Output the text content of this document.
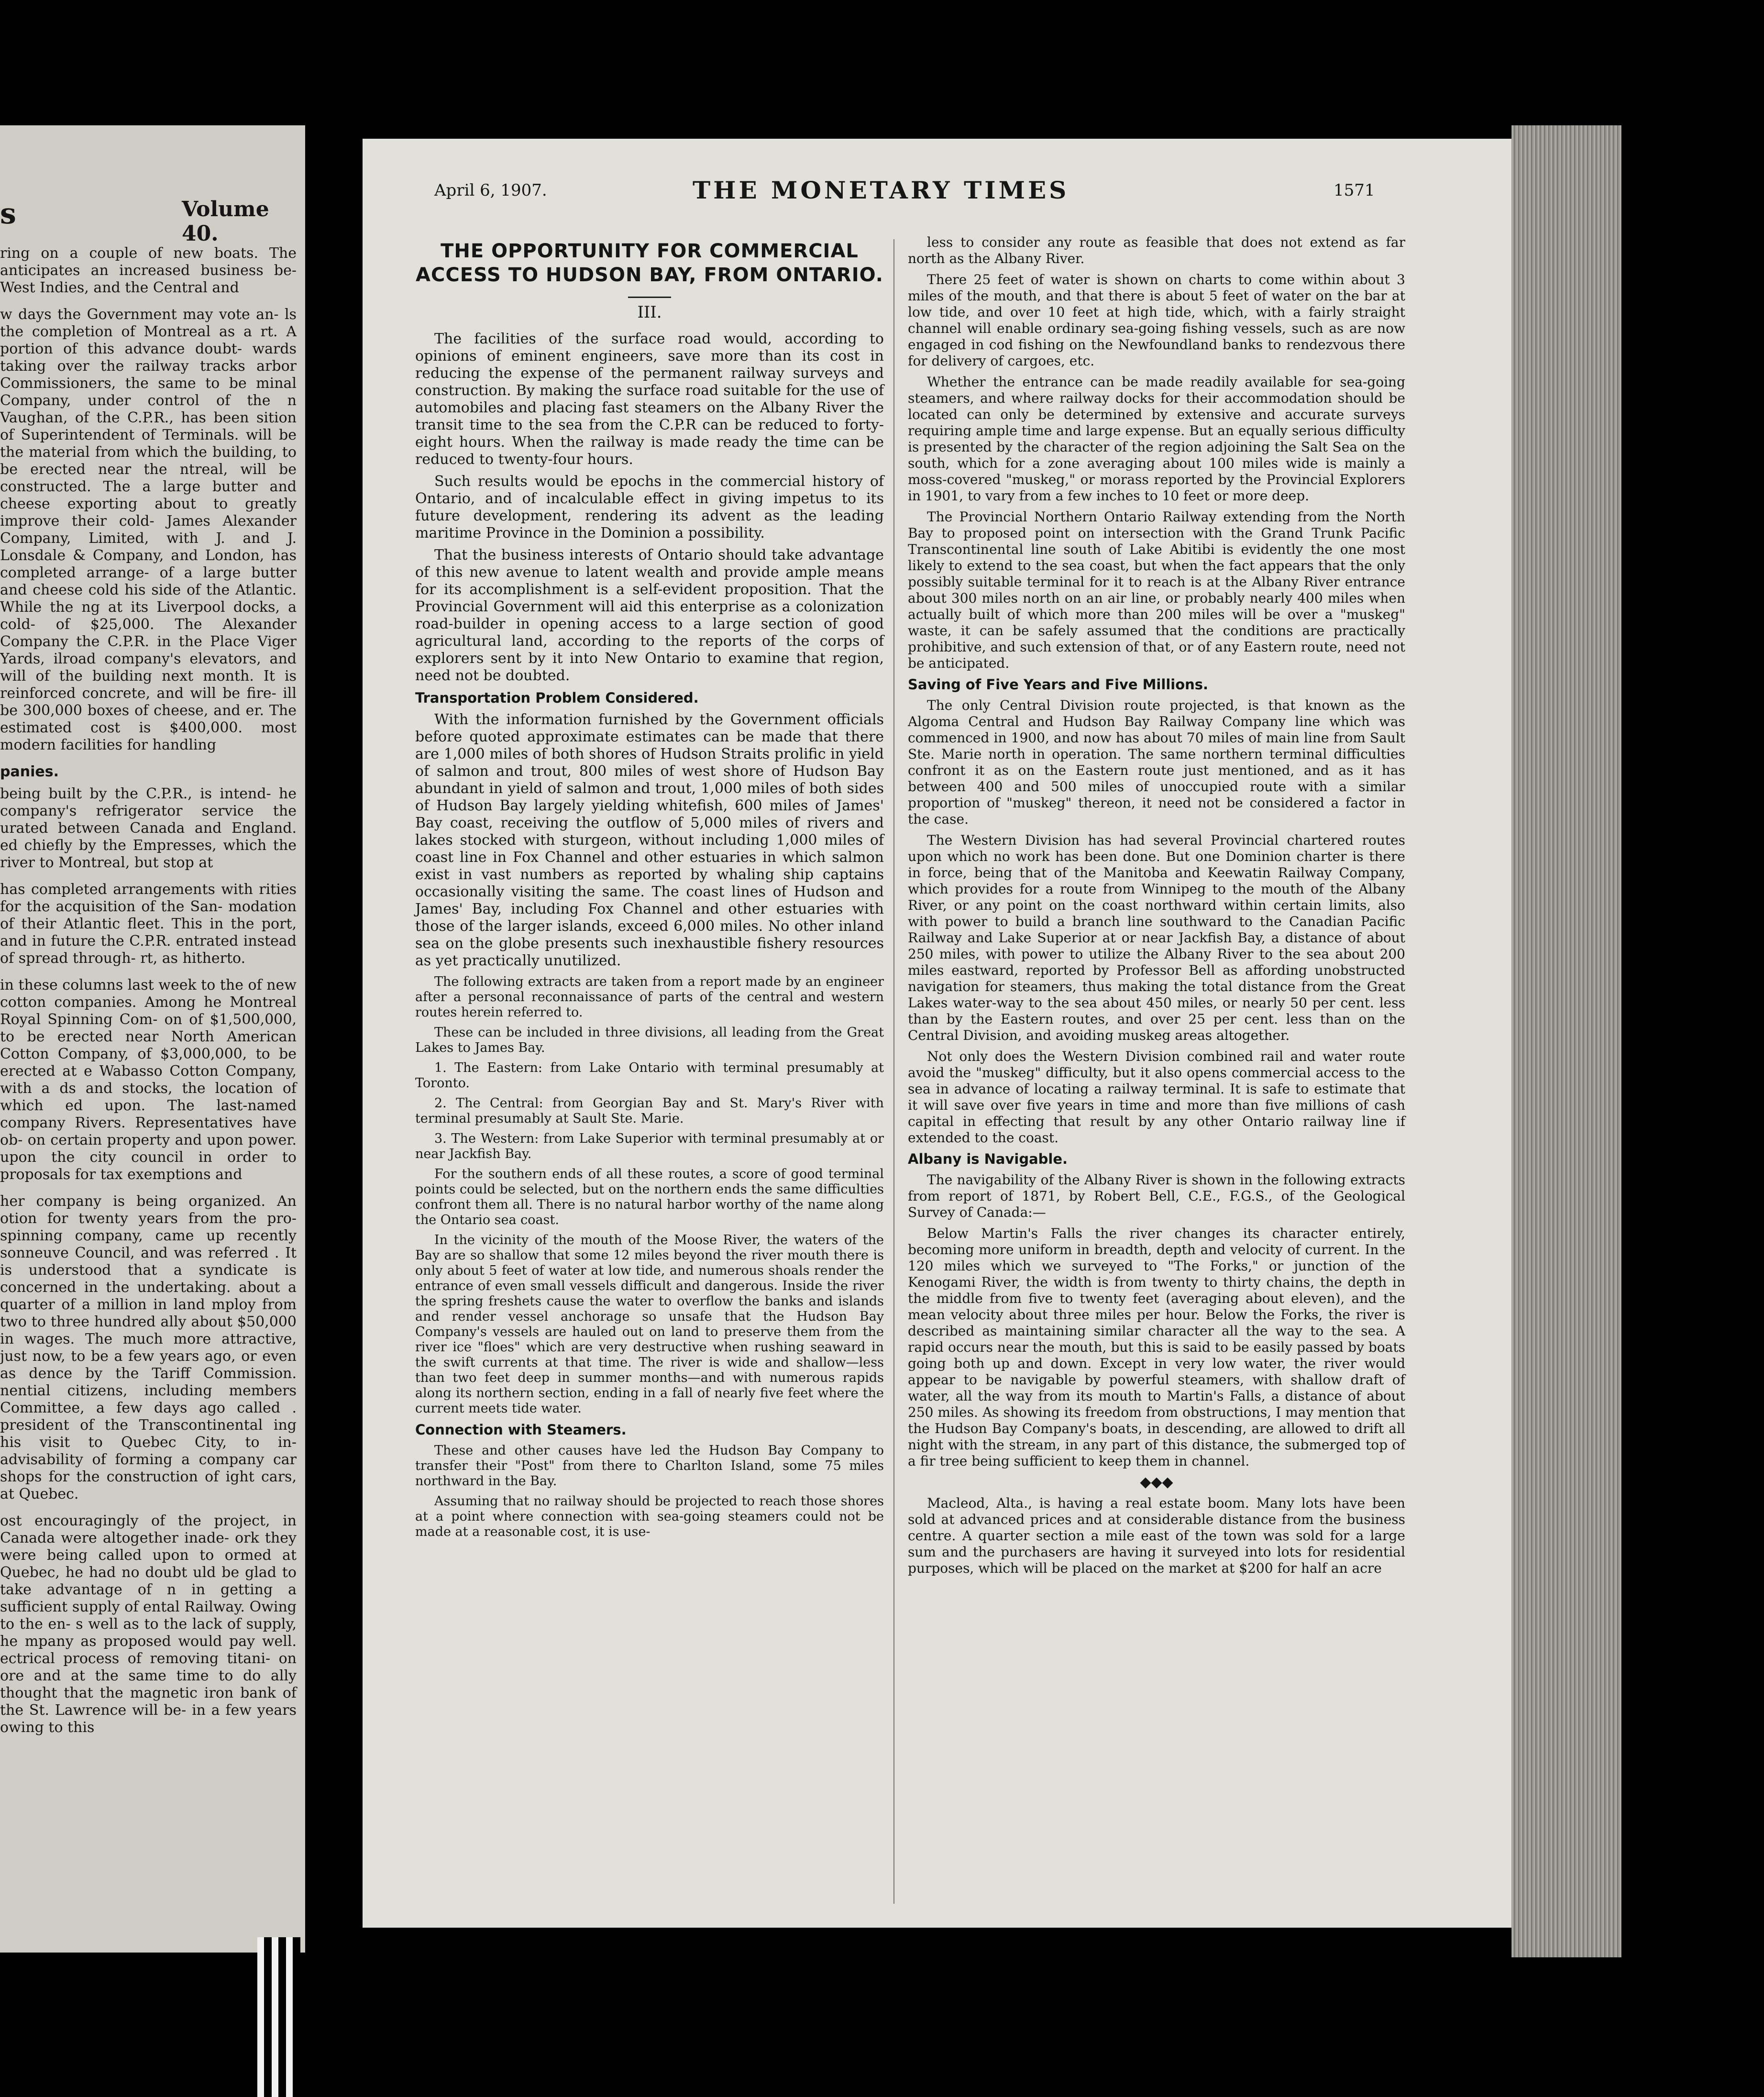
s	Volume 40.

ring on a couple of new boats. The anticipates an increased business be- West Indies, and the Central and

w days the Government may vote an- ls the completion of Montreal as a rt. A portion of this advance doubt- wards taking over the railway tracks arbor Commissioners, the same to be minal Company, under control of the n Vaughan, of the C.P.R., has been sition of Superintendent of Terminals. will be the material from which the building, to be erected near the ntreal, will be constructed. The a large butter and cheese exporting about to greatly improve their cold- James Alexander Company, Limited, with J. and J. Lonsdale & Company, and London, has completed arrange- of a large butter and cheese cold his side of the Atlantic. While the ng at its Liverpool docks, a cold- of $25,000. The Alexander Company the C.P.R. in the Place Viger Yards, ilroad company's elevators, and will of the building next month. It is reinforced concrete, and will be fire- ill be 300,000 boxes of cheese, and er. The estimated cost is $400,000. most modern facilities for handling

panies.

being built by the C.P.R., is intend- he company's refrigerator service the urated between Canada and England. ed chiefly by the Empresses, which the river to Montreal, but stop at

has completed arrangements with rities for the acquisition of the San- modation of their Atlantic fleet. This in the port, and in future the C.P.R. entrated instead of spread through- rt, as hitherto.

in these columns last week to the of new cotton companies. Among he Montreal Royal Spinning Com- on of $1,500,000, to be erected near North American Cotton Company, of $3,000,000, to be erected at e Wabasso Cotton Company, with a ds and stocks, the location of which ed upon. The last-named company Rivers. Representatives have ob- on certain property and upon power. upon the city council in order to proposals for tax exemptions and

her company is being organized. An otion for twenty years from the pro- spinning company, came up recently sonneuve Council, and was referred . It is understood that a syndicate is concerned in the undertaking. about a quarter of a million in land mploy from two to three hundred ally about $50,000 in wages. The much more attractive, just now, to be a few years ago, or even as dence by the Tariff Commission. nential citizens, including members Committee, a few days ago called . president of the Transcontinental ing his visit to Quebec City, to in- advisability of forming a company car shops for the construction of ight cars, at Quebec.

ost encouragingly of the project, in Canada were altogether inade- ork they were being called upon to ormed at Quebec, he had no doubt uld be glad to take advantage of n in getting a sufficient supply of ental Railway. Owing to the en- s well as to the lack of supply, he mpany as proposed would pay well. ectrical process of removing titani- on ore and at the same time to do ally thought that the magnetic iron bank of the St. Lawrence will be- in a few years owing to this

April 6, 1907.	THE MONETARY TIMES	1571
THE OPPORTUNITY FOR COMMERCIAL ACCESS TO HUDSON BAY, FROM ONTARIO.
III.

The facilities of the surface road would, according to opinions of eminent engineers, save more than its cost in reducing the expense of the permanent railway surveys and construction. By making the surface road suitable for the use of automobiles and placing fast steamers on the Albany River the transit time to the sea from the C.P.R can be reduced to forty-eight hours. When the railway is made ready the time can be reduced to twenty-four hours.

Such results would be epochs in the commercial history of Ontario, and of incalculable effect in giving impetus to its future development, rendering its advent as the leading maritime Province in the Dominion a possibility.

That the business interests of Ontario should take advantage of this new avenue to latent wealth and provide ample means for its accomplishment is a self-evident proposition. That the Provincial Government will aid this enterprise as a colonization road-builder in opening access to a large section of good agricultural land, according to the reports of the corps of explorers sent by it into New Ontario to examine that region, need not be doubted.

Transportation Problem Considered.

With the information furnished by the Government officials before quoted approximate estimates can be made that there are 1,000 miles of both shores of Hudson Straits prolific in yield of salmon and trout, 800 miles of west shore of Hudson Bay abundant in yield of salmon and trout, 1,000 miles of both sides of Hudson Bay largely yielding whitefish, 600 miles of James' Bay coast, receiving the outflow of 5,000 miles of rivers and lakes stocked with sturgeon, without including 1,000 miles of coast line in Fox Channel and other estuaries in which salmon exist in vast numbers as reported by whaling ship captains occasionally visiting the same. The coast lines of Hudson and James' Bay, including Fox Channel and other estuaries with those of the larger islands, exceed 6,000 miles. No other inland sea on the globe presents such inexhaustible fishery resources as yet practically unutilized.

The following extracts are taken from a report made by an engineer after a personal reconnaissance of parts of the central and western routes herein referred to.

These can be included in three divisions, all leading from the Great Lakes to James Bay.

1. The Eastern: from Lake Ontario with terminal presumably at Toronto.

2. The Central: from Georgian Bay and St. Mary's River with terminal presumably at Sault Ste. Marie.

3. The Western: from Lake Superior with terminal presumably at or near Jackfish Bay.

For the southern ends of all these routes, a score of good terminal points could be selected, but on the northern ends the same difficulties confront them all. There is no natural harbor worthy of the name along the Ontario sea coast.

In the vicinity of the mouth of the Moose River, the waters of the Bay are so shallow that some 12 miles beyond the river mouth there is only about 5 feet of water at low tide, and numerous shoals render the entrance of even small vessels difficult and dangerous. Inside the river the spring freshets cause the water to overflow the banks and islands and render vessel anchorage so unsafe that the Hudson Bay Company's vessels are hauled out on land to preserve them from the river ice "floes" which are very destructive when rushing seaward in the swift currents at that time. The river is wide and shallow—less than two feet deep in summer months—and with numerous rapids along its northern section, ending in a fall of nearly five feet where the current meets tide water.

Connection with Steamers.

These and other causes have led the Hudson Bay Company to transfer their "Post" from there to Charlton Island, some 75 miles northward in the Bay.

Assuming that no railway should be projected to reach those shores at a point where connection with sea-going steamers could not be made at a reasonable cost, it is use-

less to consider any route as feasible that does not extend as far north as the Albany River.

There 25 feet of water is shown on charts to come within about 3 miles of the mouth, and that there is about 5 feet of water on the bar at low tide, and over 10 feet at high tide, which, with a fairly straight channel will enable ordinary sea-going fishing vessels, such as are now engaged in cod fishing on the Newfoundland banks to rendezvous there for delivery of cargoes, etc.

Whether the entrance can be made readily available for sea-going steamers, and where railway docks for their accommodation should be located can only be determined by extensive and accurate surveys requiring ample time and large expense. But an equally serious difficulty is presented by the character of the region adjoining the Salt Sea on the south, which for a zone averaging about 100 miles wide is mainly a moss-covered "muskeg," or morass reported by the Provincial Explorers in 1901, to vary from a few inches to 10 feet or more deep.

The Provincial Northern Ontario Railway extending from the North Bay to proposed point on intersection with the Grand Trunk Pacific Transcontinental line south of Lake Abitibi is evidently the one most likely to extend to the sea coast, but when the fact appears that the only possibly suitable terminal for it to reach is at the Albany River entrance about 300 miles north on an air line, or probably nearly 400 miles when actually built of which more than 200 miles will be over a "muskeg" waste, it can be safely assumed that the conditions are practically prohibitive, and such extension of that, or of any Eastern route, need not be anticipated.

Saving of Five Years and Five Millions.

The only Central Division route projected, is that known as the Algoma Central and Hudson Bay Railway Company line which was commenced in 1900, and now has about 70 miles of main line from Sault Ste. Marie north in operation. The same northern terminal difficulties confront it as on the Eastern route just mentioned, and as it has between 400 and 500 miles of unoccupied route with a similar proportion of "muskeg" thereon, it need not be considered a factor in the case.

The Western Division has had several Provincial chartered routes upon which no work has been done. But one Dominion charter is there in force, being that of the Manitoba and Keewatin Railway Company, which provides for a route from Winnipeg to the mouth of the Albany River, or any point on the coast northward within certain limits, also with power to build a branch line southward to the Canadian Pacific Railway and Lake Superior at or near Jackfish Bay, a distance of about 250 miles, with power to utilize the Albany River to the sea about 200 miles eastward, reported by Professor Bell as affording unobstructed navigation for steamers, thus making the total distance from the Great Lakes water-way to the sea about 450 miles, or nearly 50 per cent. less than by the Eastern routes, and over 25 per cent. less than on the Central Division, and avoiding muskeg areas altogether.

Not only does the Western Division combined rail and water route avoid the "muskeg" difficulty, but it also opens commercial access to the sea in advance of locating a railway terminal. It is safe to estimate that it will save over five years in time and more than five millions of cash capital in effecting that result by any other Ontario railway line if extended to the coast.

Albany is Navigable.

The navigability of the Albany River is shown in the following extracts from report of 1871, by Robert Bell, C.E., F.G.S., of the Geological Survey of Canada:—

Below Martin's Falls the river changes its character entirely, becoming more uniform in breadth, depth and velocity of current. In the 120 miles which we surveyed to "The Forks," or junction of the Kenogami River, the width is from twenty to thirty chains, the depth in the middle from five to twenty feet (averaging about eleven), and the mean velocity about three miles per hour. Below the Forks, the river is described as maintaining similar character all the way to the sea. A rapid occurs near the mouth, but this is said to be easily passed by boats going both up and down. Except in very low water, the river would appear to be navigable by powerful steamers, with shallow draft of water, all the way from its mouth to Martin's Falls, a distance of about 250 miles. As showing its freedom from obstructions, I may mention that the Hudson Bay Company's boats, in descending, are allowed to drift all night with the stream, in any part of this distance, the submerged top of a fir tree being sufficient to keep them in channel.

◆◆◆

Macleod, Alta., is having a real estate boom. Many lots have been sold at advanced prices and at considerable distance from the business centre. A quarter section a mile east of the town was sold for a large sum and the purchasers are having it surveyed into lots for residential purposes, which will be placed on the market at $200 for half an acre
